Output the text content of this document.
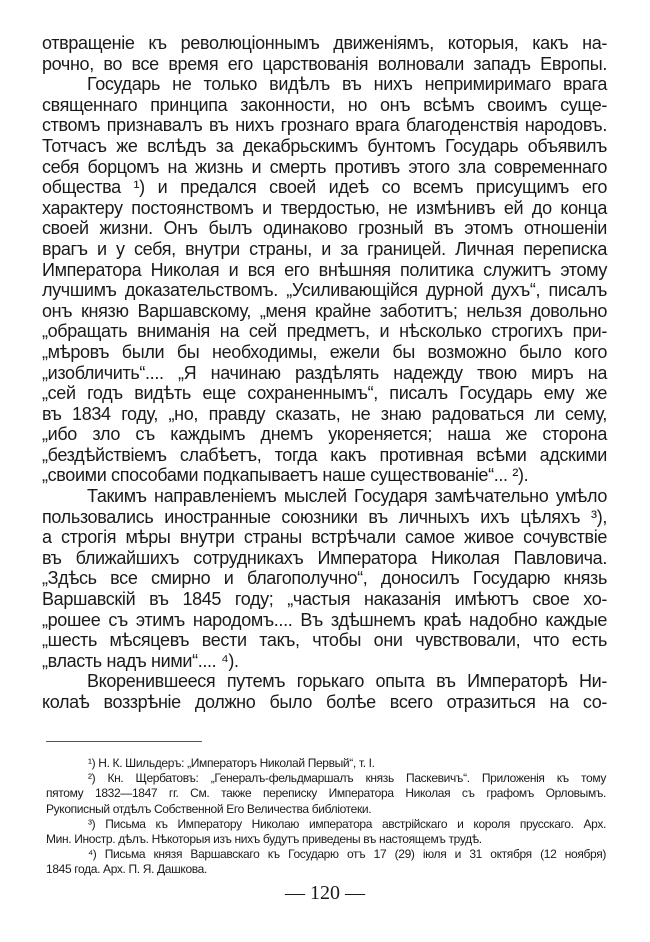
отвращеніе къ революціоннымъ движеніямъ, которыя, какъ на-
рочно, во все время его царствованія волновали западъ Европы.
Государь не только видѣлъ въ нихъ непримиримаго врага
священнаго принципа законности, но онъ всѣмъ своимъ суще-
ствомъ признавалъ въ нихъ грознаго врага благоденствія народовъ.
Тотчасъ же вслѣдъ за декабрьскимъ бунтомъ Государь объявилъ
себя борцомъ на жизнь и смерть противъ этого зла современнаго
общества ¹) и предался своей идеѣ со всемъ присущимъ его
характеру постоянствомъ и твердостью, не измѣнивъ ей до конца
своей жизни. Онъ былъ одинаково грозный въ этомъ отношеніи
врагъ и у себя, внутри страны, и за границей. Личная переписка
Императора Николая и вся его внѣшняя политика служитъ этому
лучшимъ доказательствомъ. „Усиливающійся дурной духъ“, писалъ
онъ князю Варшавскому, „меня крайне заботитъ; нельзя довольно
„обращать вниманія на сей предметъ, и нѣсколько строгихъ при-
„мѣровъ были бы необходимы, ежели бы возможно было кого
„изобличить“.... „Я начинаю раздѣлять надежду твою миръ на
„сей годъ видѣть еще сохраненнымъ“, писалъ Государь ему же
въ 1834 году, „но, правду сказать, не знаю радоваться ли сему,
„ибо зло съ каждымъ днемъ укореняется; наша же сторона
„бездѣйствіемъ слабѣетъ, тогда какъ противная всѣми адскими
„своими способами подкапываетъ наше существованіе“... ²).
Такимъ направленіемъ мыслей Государя замѣчательно умѣло
пользовались иностранные союзники въ личныхъ ихъ цѣляхъ ³),
а строгія мѣры внутри страны встрѣчали самое живое сочувствіе
въ ближайшихъ сотрудникахъ Императора Николая Павловича.
„Здѣсь все смирно и благополучно“, доносилъ Государю князь
Варшавскій въ 1845 году; „частыя наказанія имѣютъ свое хо-
„рошее съ этимъ народомъ.... Въ здѣшнемъ краѣ надобно каждые
„шесть мѣсяцевъ вести такъ, чтобы они чувствовали, что есть
„власть надъ ними“.... ⁴).
Вкоренившееся путемъ горькаго опыта въ Императорѣ Ни-
колаѣ воззрѣніе должно было болѣе всего отразиться на со-
¹) Н. К. Шильдеръ: „Императоръ Николай Первый“, т. I.
²) Кн. Щербатовъ: „Генералъ-фельдмаршалъ князь Паскевичъ“. Приложенія къ тому
пятому 1832—1847 гг. См. также переписку Императора Николая съ графомъ Орловымъ.
Рукописный отдѣлъ Собственной Его Величества библіотеки.
³) Письма къ Императору Николаю императора австрійскаго и короля прусскаго. Арх.
Мин. Иностр. дѣлъ. Нѣкоторыя изъ нихъ будутъ приведены въ настоящемъ трудѣ.
⁴) Письма князя Варшавскаго къ Государю отъ 17 (29) іюля и 31 октября (12 ноября)
1845 года. Арх. П. Я. Дашкова.
— 120 —
